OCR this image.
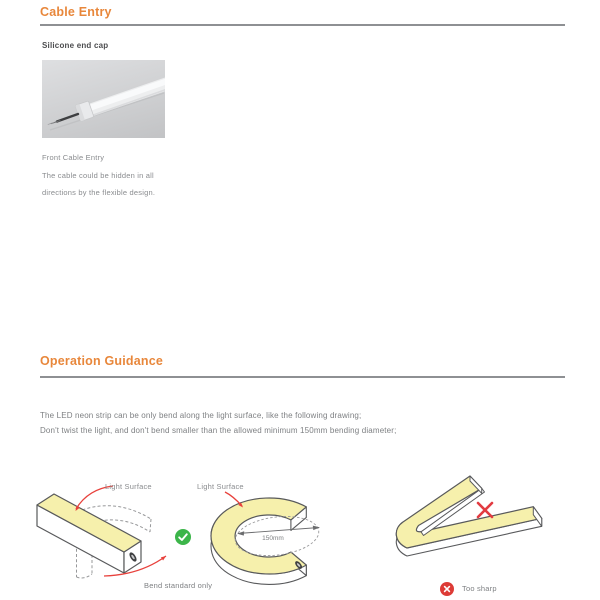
Cable Entry
Silicone end cap
Front Cable Entry
The cable could be hidden in all
directions by the flexible design.
Operation Guidance
The LED neon strip can be only bend along the light surface, like the following drawing;
Don't twist the light, and don't bend smaller than the allowed minimum 150mm bending diameter;
Light Surface
150mm
Light Surface
Bend standard only	Too sharp
